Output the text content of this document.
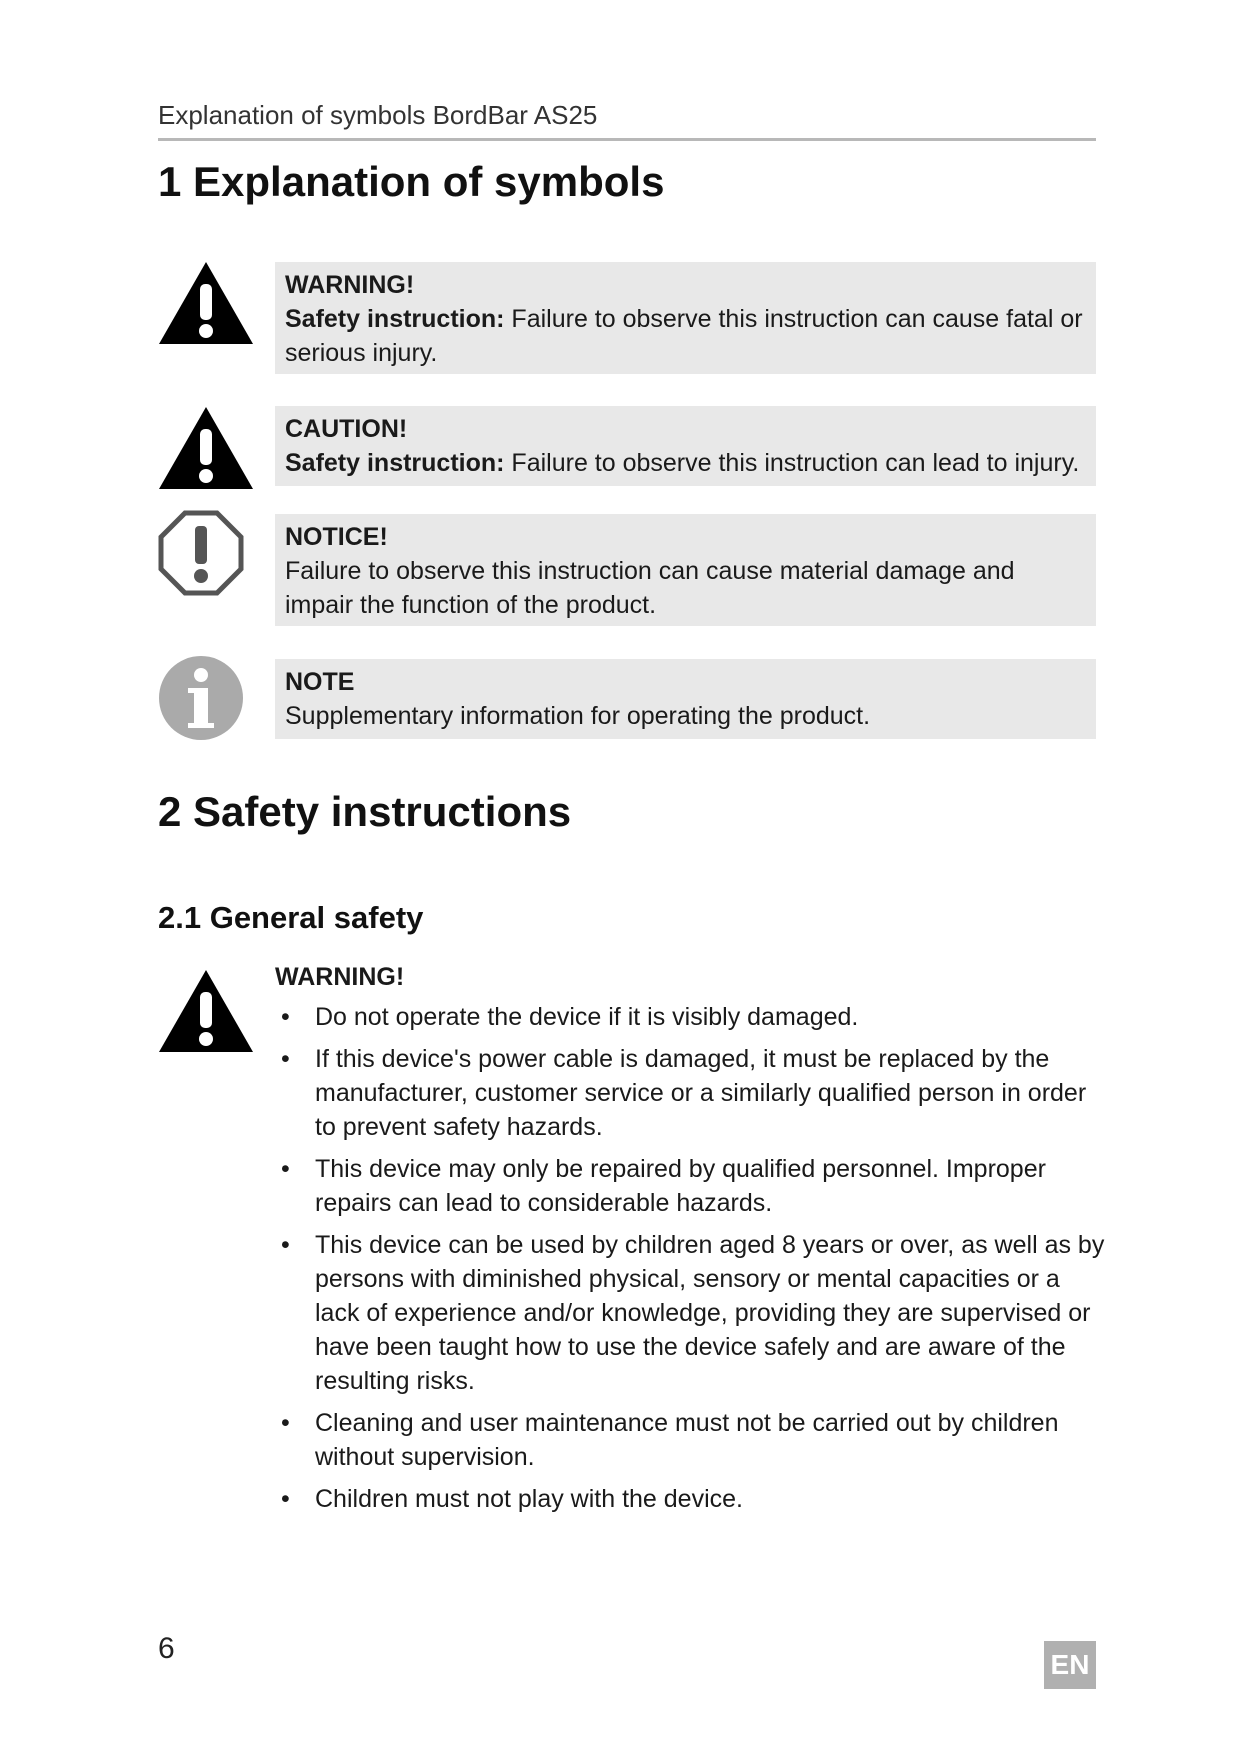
Explanation of symbols BordBar AS25
1 Explanation of symbols
WARNING!
Safety instruction: Failure to observe this instruction can cause fatal or serious injury.
CAUTION!
Safety instruction: Failure to observe this instruction can lead to injury.
NOTICE!
Failure to observe this instruction can cause material damage and impair the function of the product.
NOTE
Supplementary information for operating the product.
2 Safety instructions
2.1 General safety
WARNING!
• Do not operate the device if it is visibly damaged.
• If this device's power cable is damaged, it must be replaced by the manufacturer, customer service or a similarly qualified person in order to prevent safety hazards.
• This device may only be repaired by qualified personnel. Improper repairs can lead to considerable hazards.
• This device can be used by children aged 8 years or over, as well as by persons with diminished physical, sensory or mental capacities or a lack of experience and/or knowledge, providing they are supervised or have been taught how to use the device safely and are aware of the resulting risks.
• Cleaning and user maintenance must not be carried out by children without supervision.
• Children must not play with the device.
6	EN
